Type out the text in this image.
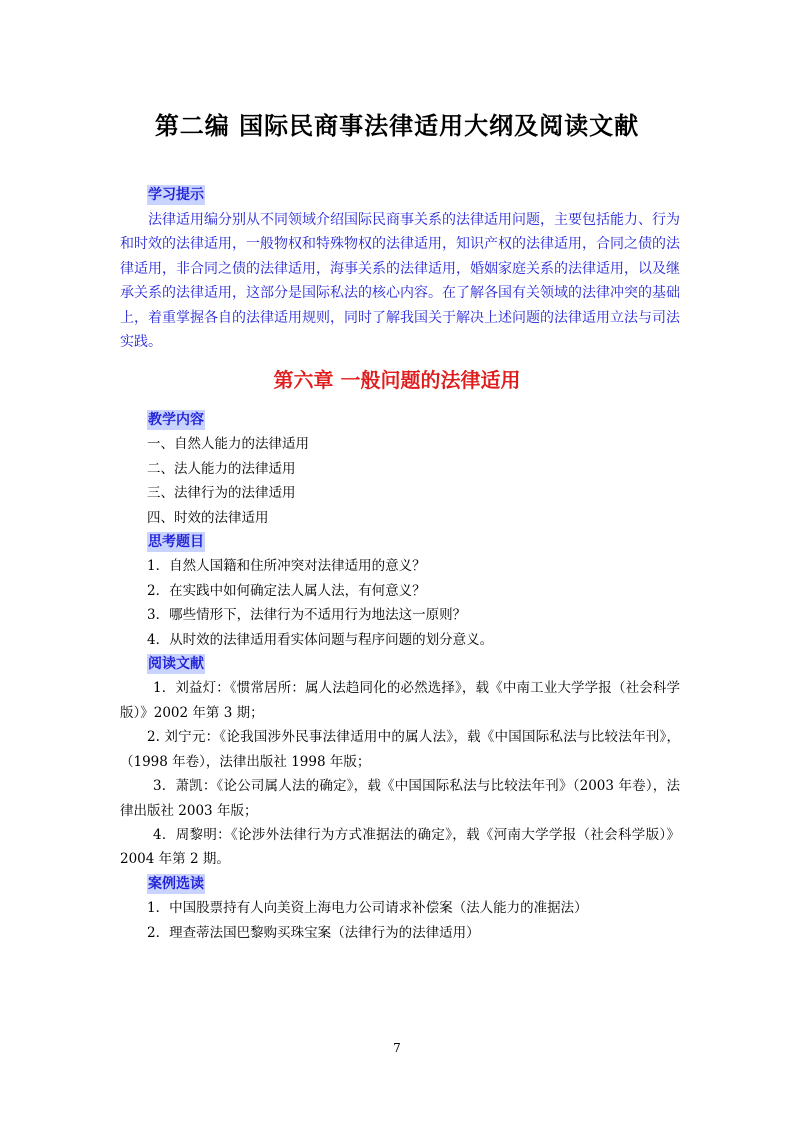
第二编 国际民商事法律适用大纲及阅读文献
学习提示

法律适用编分别从不同领域介绍国际民商事关系的法律适用问题，主要包括能力、行为和时效的法律适用，一般物权和特殊物权的法律适用，知识产权的法律适用，合同之债的法律适用，非合同之债的法律适用，海事关系的法律适用，婚姻家庭关系的法律适用，以及继承关系的法律适用，这部分是国际私法的核心内容。在了解各国有关领域的法律冲突的基础上，着重掌握各自的法律适用规则，同时了解我国关于解决上述问题的法律适用立法与司法实践。

第六章 一般问题的法律适用
教学内容
一、自然人能力的法律适用
二、法人能力的法律适用
三、法律行为的法律适用
四、时效的法律适用
思考题目
1．自然人国籍和住所冲突对法律适用的意义？
2．在实践中如何确定法人属人法，有何意义？
3．哪些情形下，法律行为不适用行为地法这一原则？
4．从时效的法律适用看实体问题与程序问题的划分意义。
阅读文献
1．刘益灯：《惯常居所：属人法趋同化的必然选择》，载《中南工业大学学报（社会科学版）》2002 年第 3 期；
2. 刘宁元：《论我国涉外民事法律适用中的属人法》，载《中国国际私法与比较法年刊》，（1998 年卷），法律出版社 1998 年版；
3．萧凯：《论公司属人法的确定》，载《中国国际私法与比较法年刊》（2003 年卷），法律出版社 2003 年版；
4．周黎明：《论涉外法律行为方式准据法的确定》，载《河南大学学报（社会科学版）》2004 年第 2 期。
案例选读
1．中国股票持有人向美资上海电力公司请求补偿案（法人能力的准据法）
2．理查蒂法国巴黎购买珠宝案（法律行为的法律适用）
7
